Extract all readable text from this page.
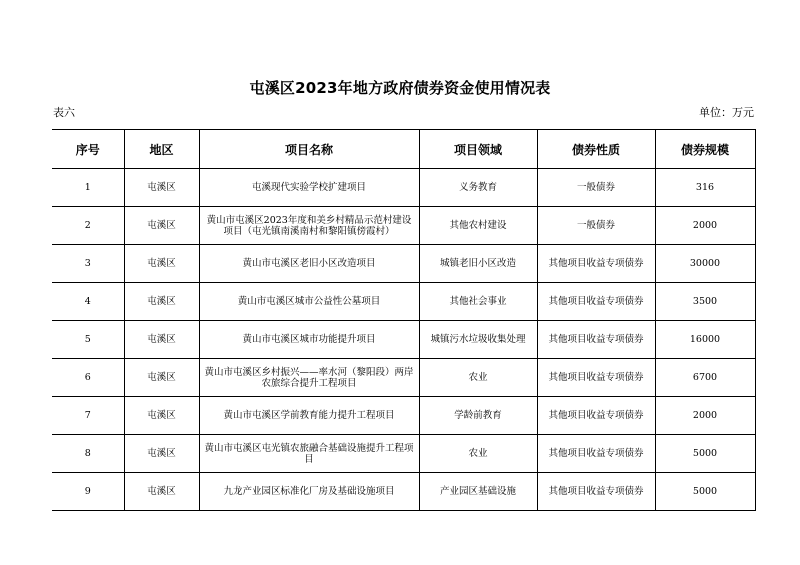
屯溪区2023年地方政府债券资金使用情况表
表六	单位：万元
序号	地区	项目名称	项目领域	债券性质	债券规模
1	屯溪区	屯溪现代实验学校扩建项目	义务教育	一般债券	316
2	屯溪区	黄山市屯溪区2023年度和美乡村精品示范村建设项目（屯光镇南溪南村和黎阳镇傍霞村）	其他农村建设	一般债券	2000
3	屯溪区	黄山市屯溪区老旧小区改造项目	城镇老旧小区改造	其他项目收益专项债券	30000
4	屯溪区	黄山市屯溪区城市公益性公墓项目	其他社会事业	其他项目收益专项债券	3500
5	屯溪区	黄山市屯溪区城市功能提升项目	城镇污水垃圾收集处理	其他项目收益专项债券	16000
6	屯溪区	黄山市屯溪区乡村振兴——率水河（黎阳段）两岸农旅综合提升工程项目	农业	其他项目收益专项债券	6700
7	屯溪区	黄山市屯溪区学前教育能力提升工程项目	学龄前教育	其他项目收益专项债券	2000
8	屯溪区	黄山市屯溪区屯光镇农旅融合基础设施提升工程项目	农业	其他项目收益专项债券	5000
9	屯溪区	九龙产业园区标准化厂房及基础设施项目	产业园区基础设施	其他项目收益专项债券	5000
